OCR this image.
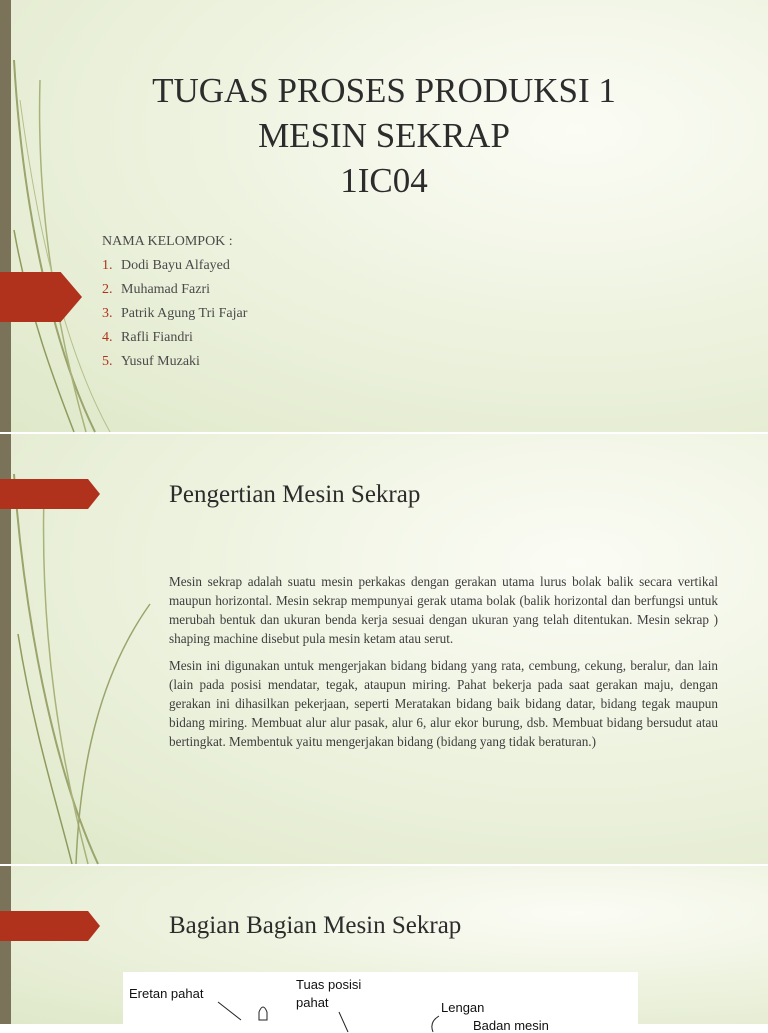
TUGAS PROSES PRODUKSI 1
MESIN SEKRAP
1IC04
NAMA KELOMPOK :
1. Dodi Bayu Alfayed
2. Muhamad Fazri
3. Patrik Agung Tri Fajar
4. Rafli Fiandri
5. Yusuf Muzaki
Pengertian Mesin Sekrap

Mesin sekrap adalah suatu mesin perkakas dengan gerakan utama lurus bolak balik secara vertikal maupun horizontal. Mesin sekrap mempunyai gerak utama bolak (balik horizontal dan berfungsi untuk merubah bentuk dan ukuran benda kerja sesuai dengan ukuran yang telah ditentukan. Mesin sekrap ) shaping machine disebut pula mesin ketam atau serut.

Mesin ini digunakan untuk mengerjakan bidang bidang yang rata, cembung, cekung, beralur, dan lain (lain pada posisi mendatar, tegak, ataupun miring. Pahat bekerja pada saat gerakan maju, dengan gerakan ini dihasilkan pekerjaan, seperti Meratakan bidang baik bidang datar, bidang tegak maupun bidang miring. Membuat alur alur pasak, alur 6, alur ekor burung, dsb. Membuat bidang bersudut atau bertingkat. Membentuk yaitu mengerjakan bidang (bidang yang tidak beraturan.)

Bagian Bagian Mesin Sekrap
Eretan pahat
Tuas posisi
pahat	Lengan
Badan mesin
